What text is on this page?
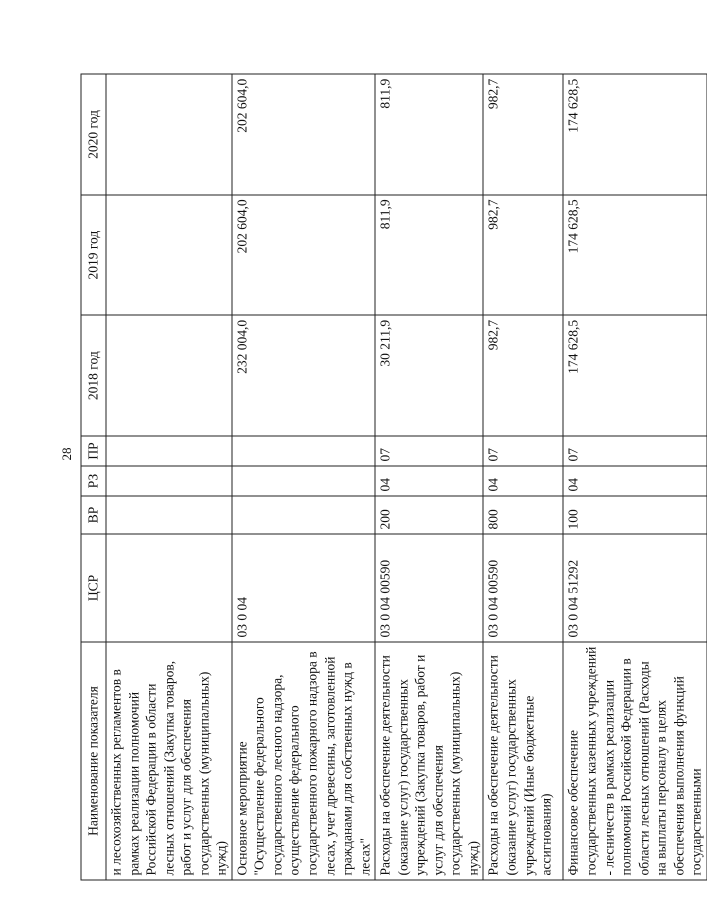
28
Наименование показателя	ЦСР	ВР	РЗ	ПР	2018 год	2019 год	2020 год
и лесохозяйственных регламентов в рамках реализации полномочий Российской Федерации в области лесных отношений (Закупка товаров, работ и услуг для обеспечения государственных (муниципальных) нужд)							
Основное мероприятие "Осуществление федерального государственного лесного надзора, осуществление федерального государственного пожарного надзора в лесах, учет древесины, заготовленной гражданами для собственных нужд в лесах"	03 0 04				232 004,0	202 604,0	202 604,0
Расходы на обеспечение деятельности (оказание услуг) государственных учреждений (Закупка товаров, работ и услуг для обеспечения государственных (муниципальных) нужд)	03 0 04 00590	200	04	07	30 211,9	811,9	811,9
Расходы на обеспечение деятельности (оказание услуг) государственных учреждений (Иные бюджетные ассигнования)	03 0 04 00590	800	04	07	982,7	982,7	982,7
Финансовое обеспечение государственных казенных учреждений - лесничеств в рамках реализации полномочий Российской Федерации в области лесных отношений (Расходы на выплаты персоналу в целях обеспечения выполнения функций государственными	03 0 04 51292	100	04	07	174 628,5	174 628,5	174 628,5
